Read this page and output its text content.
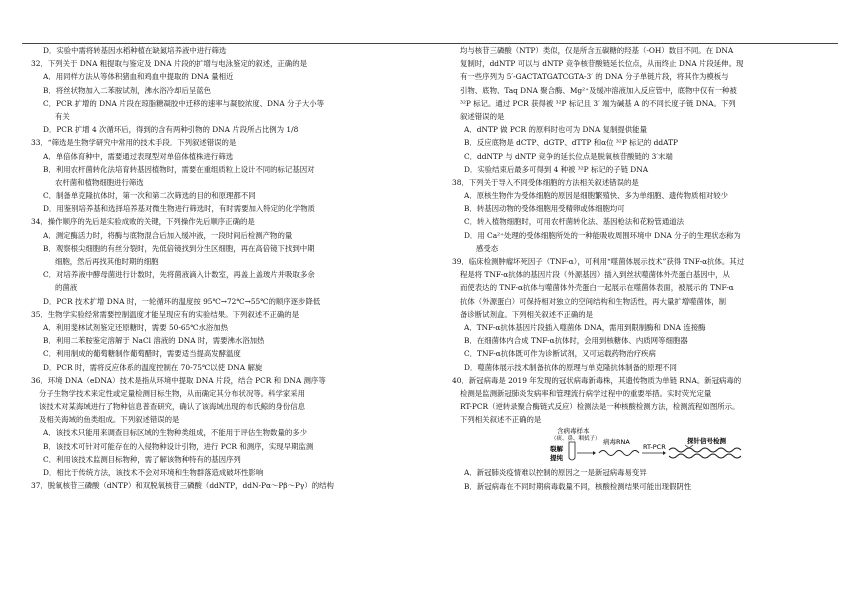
D．实验中需将转基因水稻种植在缺氮培养液中进行筛选
32．下列关于 DNA 粗提取与鉴定及 DNA 片段的扩增与电泳鉴定的叙述，正确的是
A．用同样方法从等体积猪血和鸡血中提取的 DNA 量相近
B．将丝状物加入二苯胺试剂，沸水浴冷却后呈蓝色
C．PCR 扩增的 DNA 片段在琼脂糖凝胶中迁移的速率与凝胶浓度、DNA 分子大小等
有关
D．PCR 扩增 4 次循环后，得到的含有两种引物的 DNA 片段所占比例为 1/8
33．“筛选是生物学研究中常用的技术手段．下列叙述错误的是
A．单倍体育种中，需要通过表现型对单倍体植株进行筛选
B．利用农杆菌转化法培育转基因植物时，需要在重组质粒上设计不同的标记基因对
农杆菌和植物细胞进行筛选
C．制备单克隆抗体时，第一次和第二次筛选的目的和原理都不同
D．用鉴别培养基和选择培养基对微生物进行筛选时，有时需要加入特定的化学物质
34．操作顺序的先后是实验成败的关键，下列操作先后顺序正确的是
A．测定酶活力时，将酶与底物混合后加入缓冲液，一段时间后检测产物的量
B．观察根尖细胞的有丝分裂时，先低倍镜找到分生区细胞，再在高倍镜下找到中期
细胞，然后再找其他时期的细胞
C．对培养液中酵母菌进行计数时，先将菌液滴入计数室，再盖上盖玻片并吸取多余
的菌液
D．PCR 技术扩增 DNA 时，一轮循环的温度按 95℃→72℃→55℃的顺序逐步降低
35．生物学实验经常需要控制温度才能呈现应有的实验结果。下列叙述不正确的是
A．利用斐林试剂鉴定还原糖时，需要 50-65℃水浴加热
B．利用二苯胺鉴定溶解于 NaCl 溶液的 DNA 时，需要沸水浴加热
C．利用制成的葡萄糖制作葡萄醋时，需要适当提高发酵温度
D．PCR 时，需将反应体系的温度控制在 70-75℃以使 DNA 解旋
36．环境 DNA（eDNA）技术是指从环境中提取 DNA 片段，结合 PCR 和 DNA 测序等
分子生物学技术来定性或定量检测目标生物，从而确定其分布状况等。科学家采用
该技术对某海域进行了物种信息普查研究，确认了该海域出现的布氏鲸的身份信息
及相关海域的鱼类组成。下列叙述错误的是
A．该技术只能用来调查目标区域的生物种类组成，不能用于评估生物数量的多少
B．该技术可针对可能存在的入侵物种设计引物，进行 PCR 和测序，实现早期监测
C．利用该技术监测目标物种，需了解该物种特有的基因序列
D．相比于传统方法，该技术不会对环境和生物群落造成破坏性影响
37．脱氧核苷三磷酸（dNTP）和双脱氧核苷三磷酸（ddNTP，ddN-Pα～Pβ～Pγ）的结构
均与核苷三磷酸（NTP）类似，仅是所含五碳糖的羟基（-OH）数目不同。在 DNA
复制时，ddNTP 可以与 dNTP 竞争核苷酸链延长位点，从而终止 DNA 片段延伸。现
有一些序列为 5′-GACTATGATCGTA-3′ 的 DNA 分子单链片段，将其作为模板与
引物、底物、Taq DNA 聚合酶、Mg²⁺及缓冲溶液加入反应管中，底物中仅有一种被
³²P 标记。通过 PCR 获得被 ³²P 标记且 3′ 端为碱基 A 的不同长度子链 DNA。下列
叙述错误的是
A．dNTP 做 PCR 的原料时也可为 DNA 复制提供能量
B．反应底物是 dCTP、dGTP、dTTP 和α位 ³²P 标记的 ddATP
C．ddNTP 与 dNTP 竞争的延长位点是脱氧核苷酸链的 3′末端
D．实验结束后最多可得到 4 种被 ³²P 标记的子链 DNA
38．下列关于导入不同受体细胞的方法相关叙述错误的是
A．原核生物作为受体细胞的原因是细胞繁殖快、多为单细胞、遗传物质相对较少
B．转基因动物的受体细胞用受精卵或体细胞均可
C．转入植物细胞时，可用农杆菌转化法、基因枪法和花粉管通道法
D．用 Ca²⁺处理的受体细胞所处的一种能吸收周围环境中 DNA 分子的生理状态称为
感受态
39．临床检测肿瘤坏死因子（TNF-α），可利用“噬菌体展示技术”获得 TNF-α抗体。其过
程是将 TNF-α抗体的基因片段（外源基因）插入到丝状噬菌体外壳蛋白基因中，从
而使表达的 TNF-α抗体与噬菌体外壳蛋白一起展示在噬菌体表面，被展示的 TNF-α
抗体（外源蛋白）可保持相对独立的空间结构和生物活性，再大量扩增噬菌体，制
备诊断试剂盒。下列相关叙述不正确的是
A．TNF-α抗体基因片段插入噬菌体 DNA，需用到限制酶和 DNA 连接酶
B．在细菌体内合成 TNF-α抗体时，会用到核糖体、内质网等细胞器
C．TNF-α抗体既可作为诊断试剂，又可运载药物治疗疾病
D．噬菌体展示技术制备抗体的原理与单克隆抗体制备的原理不同
40．新冠病毒是 2019 年发现的冠状病毒新毒株，其遗传物质为单链 RNA。新冠病毒的
检测是监测新冠肺炎发病率和管理流行病学过程中的重要举措。实时荧光定量
RT-PCR（逆转录聚合酶链式反应）检测法是一种核酸检测方法，检测流程如图所示。
下列相关叙述不正确的是
含病毒样本
（痰、鼻、咽拭子）
裂解
提纯
病毒RNA
RT-PCR
探针信号检测
A．新冠肺炎疫情难以控制的原因之一是新冠病毒易变异
B．新冠病毒在不同时期病毒载量不同，核酸检测结果可能出现假阴性
